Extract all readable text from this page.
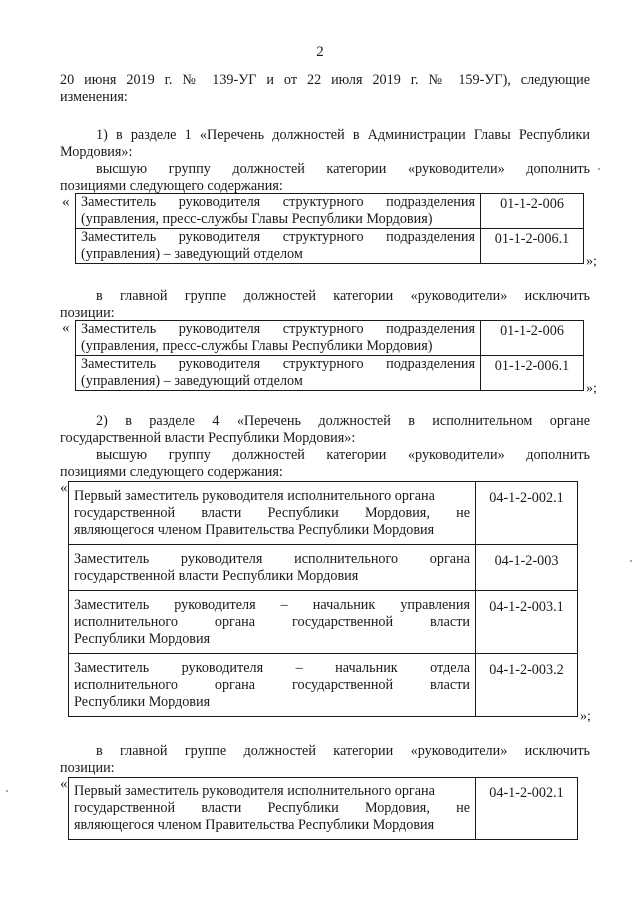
2
20 июня 2019 г. № 139-УГ и от 22 июля 2019 г. № 159-УГ), следующие
изменения:
1) в разделе 1 «Перечень должностей в Администрации Главы Республики
Мордовия»:
высшую группу должностей категории «руководители» дополнить
позициями следующего содержания:
« Заместитель руководителя структурного подразделения
(управления, пресс-службы Главы Республики Мордовия)	01-1-2-006

Заместитель руководителя структурного подразделения
(управления) – заведующий отделом	01-1-2-006.1
»;
в главной группе должностей категории «руководители» исключить
позиции:
« Заместитель руководителя структурного подразделения
(управления, пресс-службы Главы Республики Мордовия)	01-1-2-006

Заместитель руководителя структурного подразделения
(управления) – заведующий отделом	01-1-2-006.1
»;
2) в разделе 4 «Перечень должностей в исполнительном органе
государственной власти Республики Мордовия»:
высшую группу должностей категории «руководители» дополнить
позициями следующего содержания:
« Первый заместитель руководителя исполнительного органа
государственной власти Республики Мордовия, не
являющегося членом Правительства Республики Мордовия	04-1-2-002.1

Заместитель руководителя исполнительного органа
государственной власти Республики Мордовия	04-1-2-003

Заместитель руководителя – начальник управления
исполнительного органа государственной власти
Республики Мордовия	04-1-2-003.1

Заместитель руководителя – начальник отдела
исполнительного органа государственной власти
Республики Мордовия	04-1-2-003.2
»;
в главной группе должностей категории «руководители» исключить
позиции:
« Первый заместитель руководителя исполнительного органа
государственной власти Республики Мордовия, не
являющегося членом Правительства Республики Мордовия
	04-1-2-002.1
